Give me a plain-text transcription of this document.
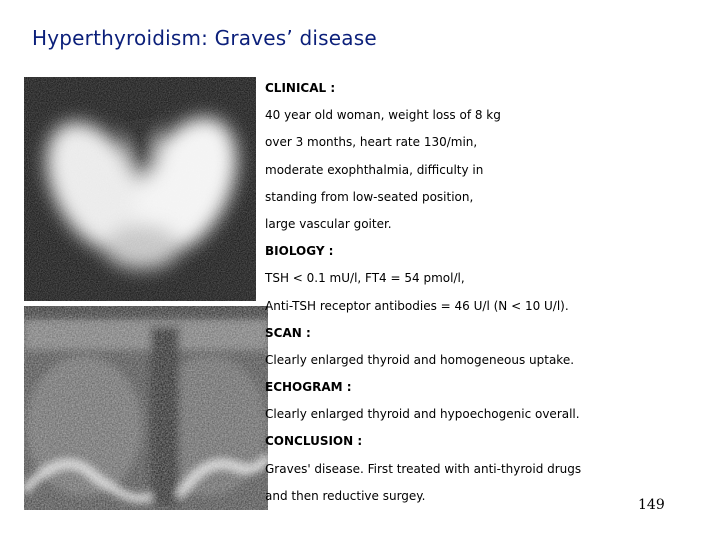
Hyperthyroidism: Graves’ disease
CLINICAL :
40 year old woman, weight loss of 8 kg
over 3 months, heart rate 130/min,
moderate exophthalmia, difficulty in
standing from low-seated position,
large vascular goiter.
BIOLOGY :
TSH < 0.1 mU/l, FT4 = 54 pmol/l,
Anti-TSH receptor antibodies = 46 U/l (N < 10 U/l).
SCAN :
Clearly enlarged thyroid and homogeneous uptake.
ECHOGRAM :
Clearly enlarged thyroid and hypoechogenic overall.
CONCLUSION :
Graves' disease. First treated with anti-thyroid drugs
and then reductive surgey.
149
